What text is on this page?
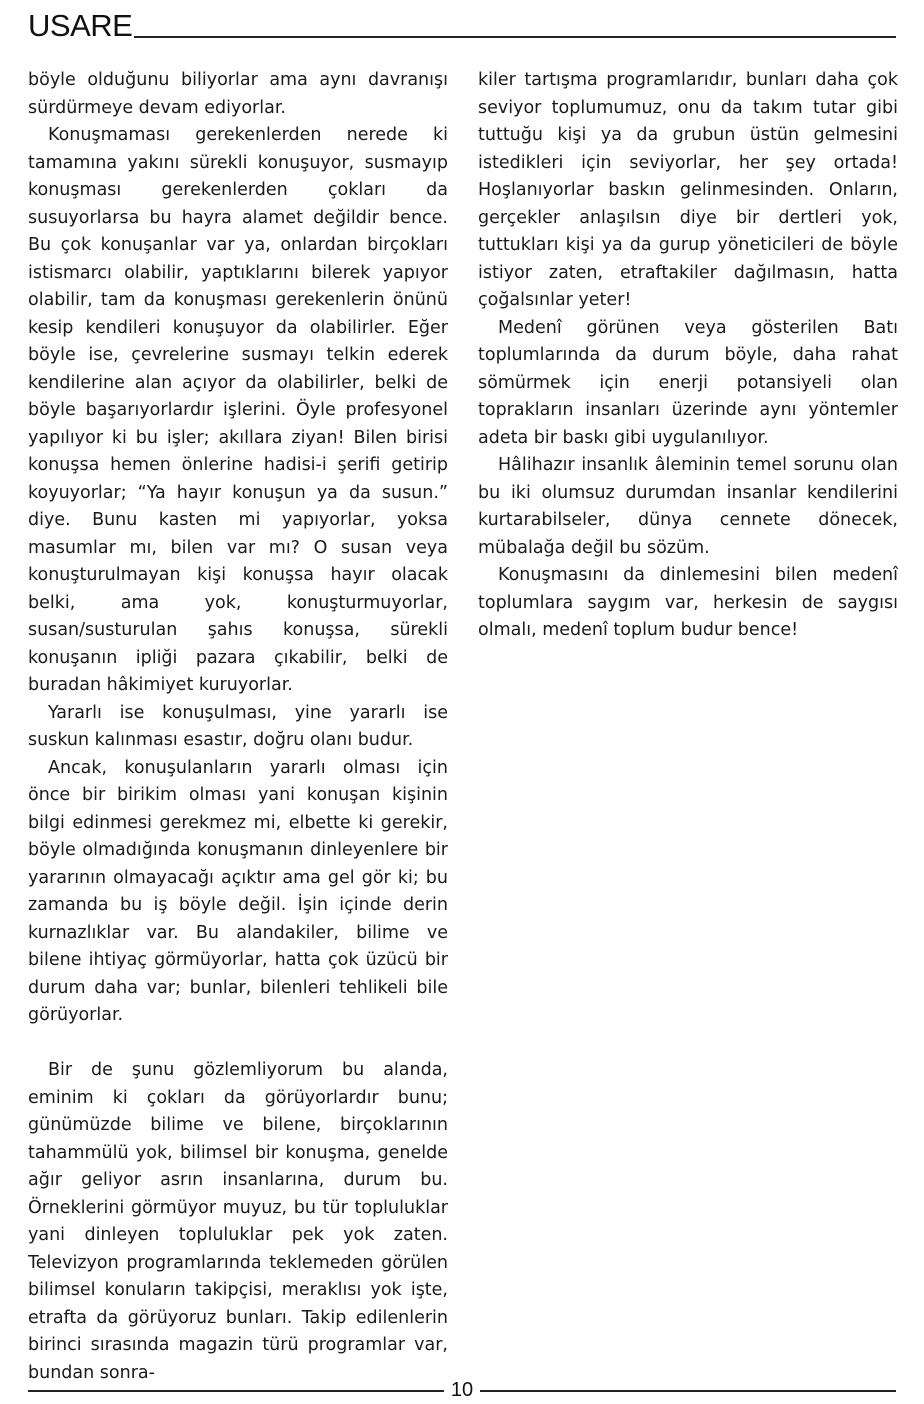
USARE

böyle olduğunu biliyorlar ama aynı davranışı sürdürmeye devam ediyorlar.

Konuşmaması gerekenlerden nerede ki tamamına yakını sürekli konuşuyor, susmayıp konuşması gerekenlerden çokları da susuyorlarsa bu hayra alamet değildir bence. Bu çok konuşanlar var ya, onlardan birçokları istismarcı olabilir, yaptıklarını bilerek yapıyor olabilir, tam da konuşması gerekenlerin önünü kesip kendileri konuşuyor da olabilirler. Eğer böyle ise, çevrelerine susmayı telkin ederek kendilerine alan açıyor da olabilirler, belki de böyle başarıyorlardır işlerini. Öyle profesyonel yapılıyor ki bu işler; akıllara ziyan! Bilen birisi konuşsa hemen önlerine hadisi-i şerifi getirip koyuyorlar; “Ya hayır konuşun ya da susun.” diye. Bunu kasten mi yapıyorlar, yoksa masumlar mı, bilen var mı? O susan veya konuşturulmayan kişi konuşsa hayır olacak belki, ama yok, konuşturmuyorlar, susan/susturulan şahıs konuşsa, sürekli konuşanın ipliği pazara çıkabilir, belki de buradan hâkimiyet kuruyorlar.

Yararlı ise konuşulması, yine yararlı ise suskun kalınması esastır, doğru olanı budur.

Ancak, konuşulanların yararlı olması için önce bir birikim olması yani konuşan kişinin bilgi edinmesi gerekmez mi, elbette ki gerekir, böyle olmadığında konuşmanın dinleyenlere bir yararının olmayacağı açıktır ama gel gör ki; bu zamanda bu iş böyle değil. İşin içinde derin kurnazlıklar var. Bu alandakiler, bilime ve bilene ihtiyaç görmüyorlar, hatta çok üzücü bir durum daha var; bunlar, bilenleri tehlikeli bile görüyorlar.

Bir de şunu gözlemliyorum bu alanda, eminim ki çokları da görüyorlardır bunu; günümüzde bilime ve bilene, birçoklarının tahammülü yok, bilimsel bir konuşma, genelde ağır geliyor asrın insanlarına, durum bu. Örneklerini görmüyor muyuz, bu tür topluluklar yani dinleyen topluluklar pek yok zaten. Televizyon programlarında teklemeden görülen bilimsel konuların takipçisi, meraklısı yok işte, etrafta da görüyoruz bunları. Takip edilenlerin birinci sırasında magazin türü programlar var, bundan sonra-

kiler tartışma programlarıdır, bunları daha çok seviyor toplumumuz, onu da takım tutar gibi tuttuğu kişi ya da grubun üstün gelmesini istedikleri için seviyorlar, her şey ortada! Hoşlanıyorlar baskın gelinmesinden. Onların, gerçekler anlaşılsın diye bir dertleri yok, tuttukları kişi ya da gurup yöneticileri de böyle istiyor zaten, etraftakiler dağılmasın, hatta çoğalsınlar yeter!

Medenî görünen veya gösterilen Batı toplumlarında da durum böyle, daha rahat sömürmek için enerji potansiyeli olan toprakların insanları üzerinde aynı yöntemler adeta bir baskı gibi uygulanılıyor.

Hâlihazır insanlık âleminin temel sorunu olan bu iki olumsuz durumdan insanlar kendilerini kurtarabilseler, dünya cennete dönecek, mübalağa değil bu sözüm.

Konuşmasını da dinlemesini bilen medenî toplumlara saygım var, herkesin de saygısı olmalı, medenî toplum budur bence!

10
